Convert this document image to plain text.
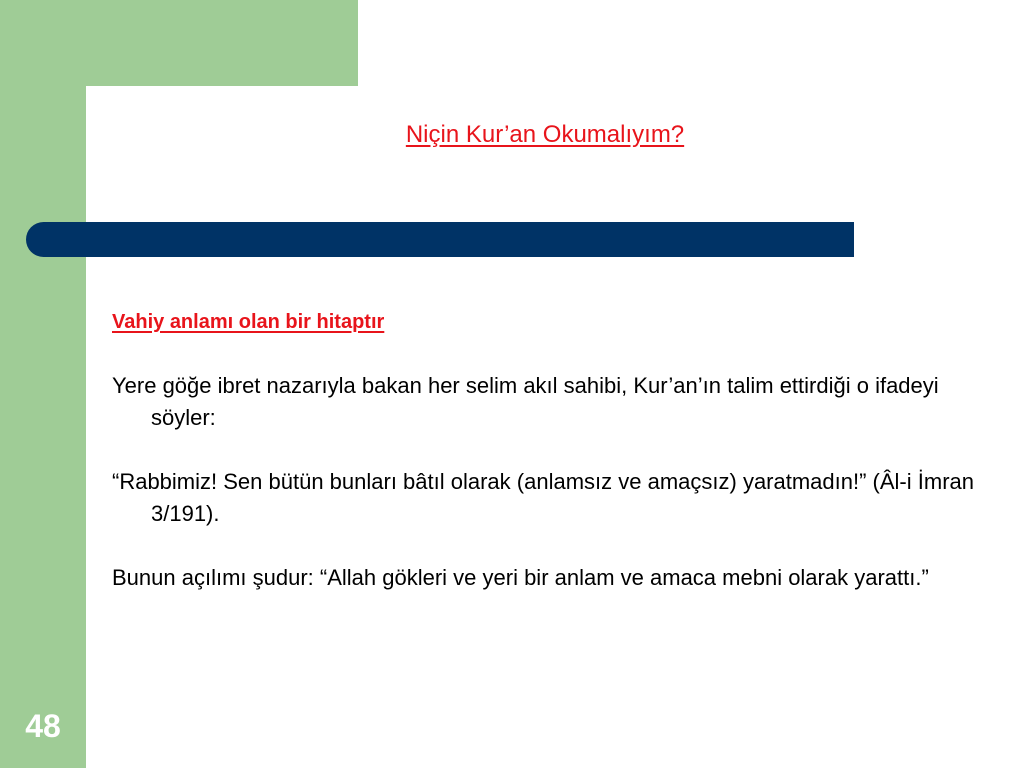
Niçin Kur’an Okumalıyım?
Vahiy anlamı olan bir hitaptır

Yere göğe ibret nazarıyla bakan her selim akıl sahibi, Kur’an’ın talim ettirdiği o ifadeyi söyler:

“Rabbimiz! Sen bütün bunları bâtıl olarak (anlamsız ve amaçsız) yaratmadın!” (Âl-i İmran 3/191).

Bunun açılımı şudur: “Allah gökleri ve yeri bir anlam ve amaca mebni olarak yarattı.”

48
